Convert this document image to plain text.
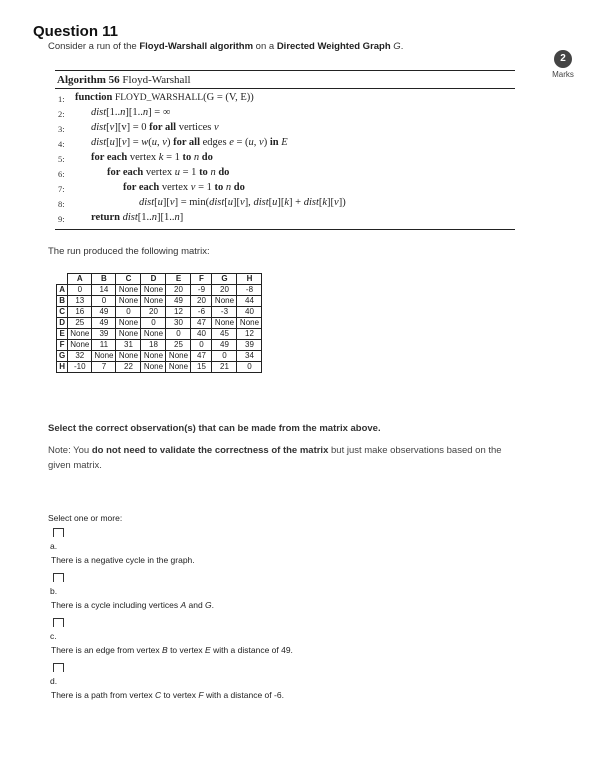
Question 11
Consider a run of the Floyd-Warshall algorithm on a Directed Weighted Graph G.
2
Marks
Algorithm 56 Floyd-Warshall
1: function FLOYD_WARSHALL(G = (V, E))
2:	dist[1..n][1..n] = ∞
3:	dist[v][v] = 0 for all vertices v
4:	dist[u][v] = w(u, v) for all edges e = (u, v) in E
5:	for each vertex k = 1 to n do
6:	for each vertex u = 1 to n do
7:	for each vertex v = 1 to n do
8:	dist[u][v] = min(dist[u][v], dist[u][k] + dist[k][v])
9:	return dist[1..n][1..n]
The run produced the following matrix:
	A	B	C	D	E	F	G	H
A	0	14	None	None	20	-9	20	-8
B	13	0	None	None	49	20	None	44
C	16	49	0	20	12	-6	-3	40
D	25	49	None	0	30	47	None	None
E	None	39	None	None	0	40	45	12
F	None	11	31	18	25	0	49	39
G	32	None	None	None	None	47	0	34
H	-10	7	22	None	None	15	21	0
Select the correct observation(s) that can be made from the matrix above.
Note: You do not need to validate the correctness of the matrix but just make observations based on the given matrix.
Select one or more:
a.
There is a negative cycle in the graph.
b.
There is a cycle including vertices A and G.
c.
There is an edge from vertex B to vertex E with a distance of 49.
d.
There is a path from vertex C to vertex F with a distance of -6.
